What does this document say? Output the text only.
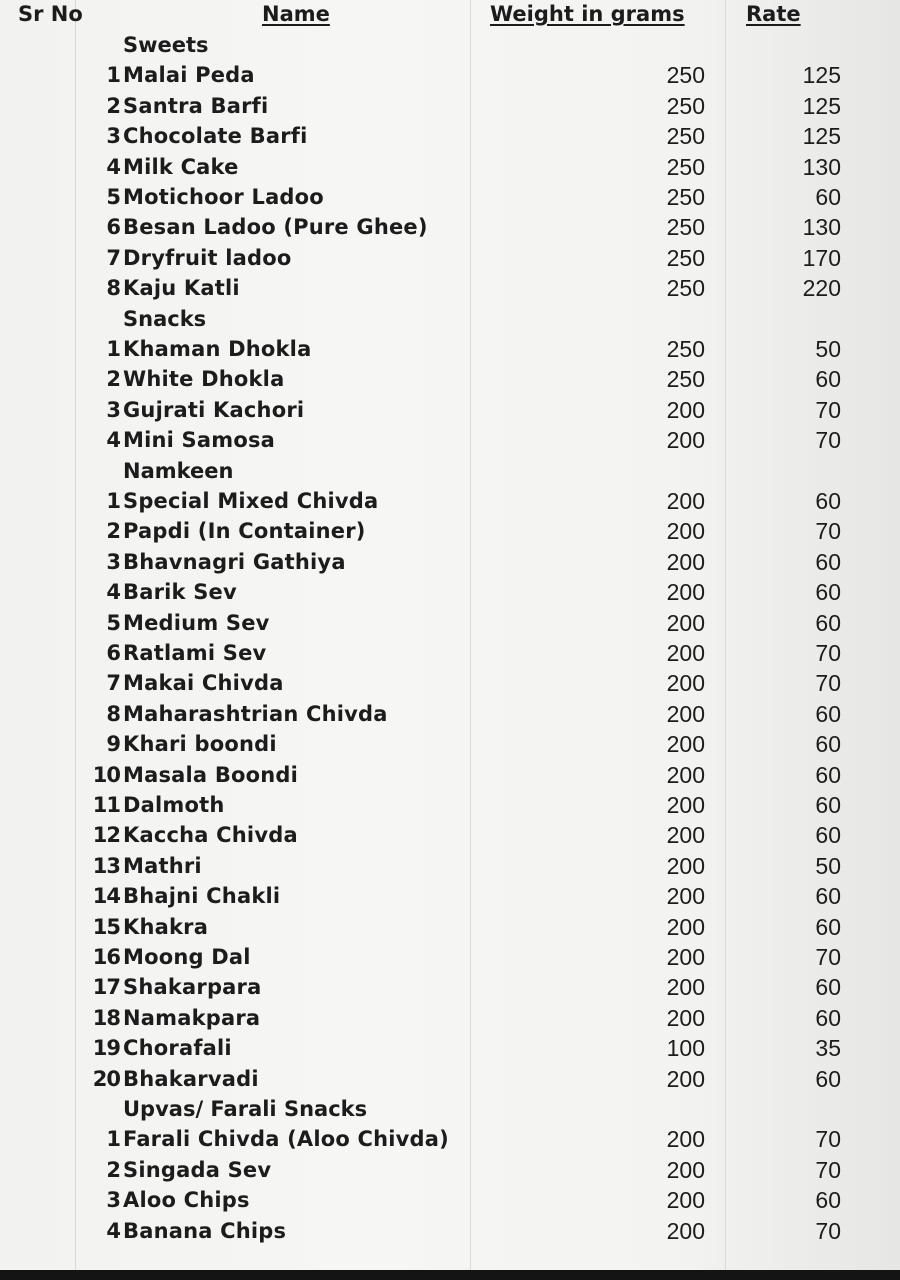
Sr No	Name	Weight in grams	Rate
Sweets
1 Malai Peda	250	125
2 Santra Barfi	250	125
3 Chocolate Barfi	250	125
4 Milk Cake	250	130
5 Motichoor Ladoo	250	60
6 Besan Ladoo (Pure Ghee)	250	130
7 Dryfruit ladoo	250	170
8 Kaju Katli	250	220
Snacks
1 Khaman Dhokla	250	50
2 White Dhokla	250	60
3 Gujrati Kachori	200	70
4 Mini Samosa	200	70
Namkeen
1 Special Mixed Chivda	200	60
2 Papdi (In Container)	200	70
3 Bhavnagri Gathiya	200	60
4 Barik Sev	200	60
5 Medium Sev	200	60
6 Ratlami Sev	200	70
7 Makai Chivda	200	70
8 Maharashtrian Chivda	200	60
9 Khari boondi	200	60
10 Masala Boondi	200	60
11 Dalmoth	200	60
12 Kaccha Chivda	200	60
13 Mathri	200	50
14 Bhajni Chakli	200	60
15 Khakra	200	60
16 Moong Dal	200	70
17 Shakarpara	200	60
18 Namakpara	200	60
19 Chorafali	100	35
20 Bhakarvadi	200	60
Upvas/ Farali Snacks
1 Farali Chivda (Aloo Chivda)	200	70
2 Singada Sev	200	70
3 Aloo Chips	200	60
4 Banana Chips	200	70
